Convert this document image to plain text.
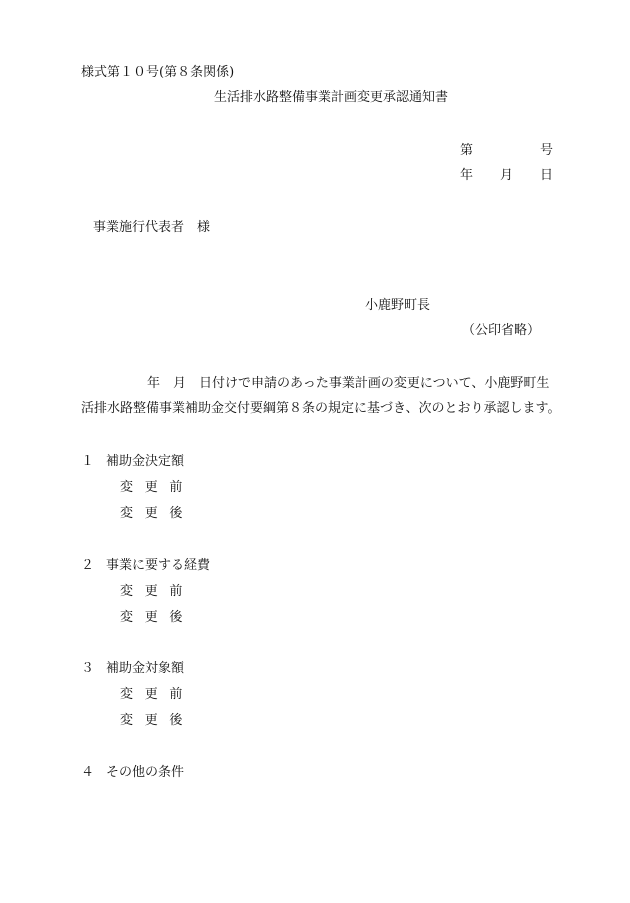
様式第１０号(第８条関係)
生活排水路整備事業計画変更承認通知書
第	号
年 月 日
事業施行代表者　様
小鹿野町長
（公印省略）
年　月　日付けで申請のあった事業計画の変更について、小鹿野町生
活排水路整備事業補助金交付要綱第８条の規定に基づき、次のとおり承認します。
１ 補助金決定額
変更前
変更後
２ 事業に要する経費
変更前
変更後
３ 補助金対象額
変更前
変更後
４ その他の条件
